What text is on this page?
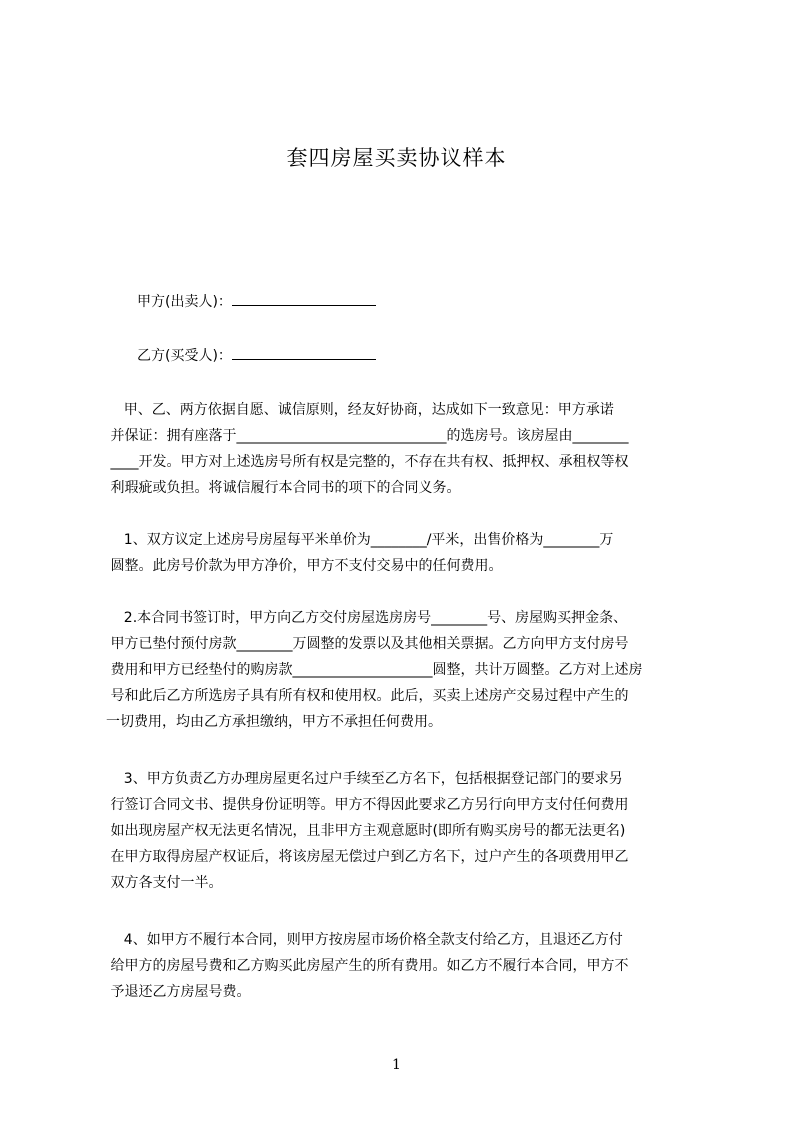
套四房屋买卖协议样本
甲方(出卖人)：
乙方(买受人)：
甲、乙、两方依据自愿、诚信原则，经友好协商，达成如下一致意见：甲方承诺
并保证：拥有座落于______________________________的选房号。该房屋由________
____开发。甲方对上述选房号所有权是完整的，不存在共有权、抵押权、承租权等权
利瑕疵或负担。将诚信履行本合同书的项下的合同义务。
1、双方议定上述房号房屋每平米单价为________/平米，出售价格为________万
圆整。此房号价款为甲方净价，甲方不支付交易中的任何费用。
2.本合同书签订时，甲方向乙方交付房屋选房房号________号、房屋购买押金条、
甲方已垫付预付房款________万圆整的发票以及其他相关票据。乙方向甲方支付房号
费用和甲方已经垫付的购房款____________________圆整，共计万圆整。乙方对上述房
号和此后乙方所选房子具有所有权和使用权。此后，买卖上述房产交易过程中产生的
一切费用，均由乙方承担缴纳，甲方不承担任何费用。
3、甲方负责乙方办理房屋更名过户手续至乙方名下，包括根据登记部门的要求另
行签订合同文书、提供身份证明等。甲方不得因此要求乙方另行向甲方支付任何费用
如出现房屋产权无法更名情况，且非甲方主观意愿时(即所有购买房号的都无法更名)
在甲方取得房屋产权证后，将该房屋无偿过户到乙方名下，过户产生的各项费用甲乙
双方各支付一半。
4、如甲方不履行本合同，则甲方按房屋市场价格全款支付给乙方，且退还乙方付
给甲方的房屋号费和乙方购买此房屋产生的所有费用。如乙方不履行本合同，甲方不
予退还乙方房屋号费。
1
